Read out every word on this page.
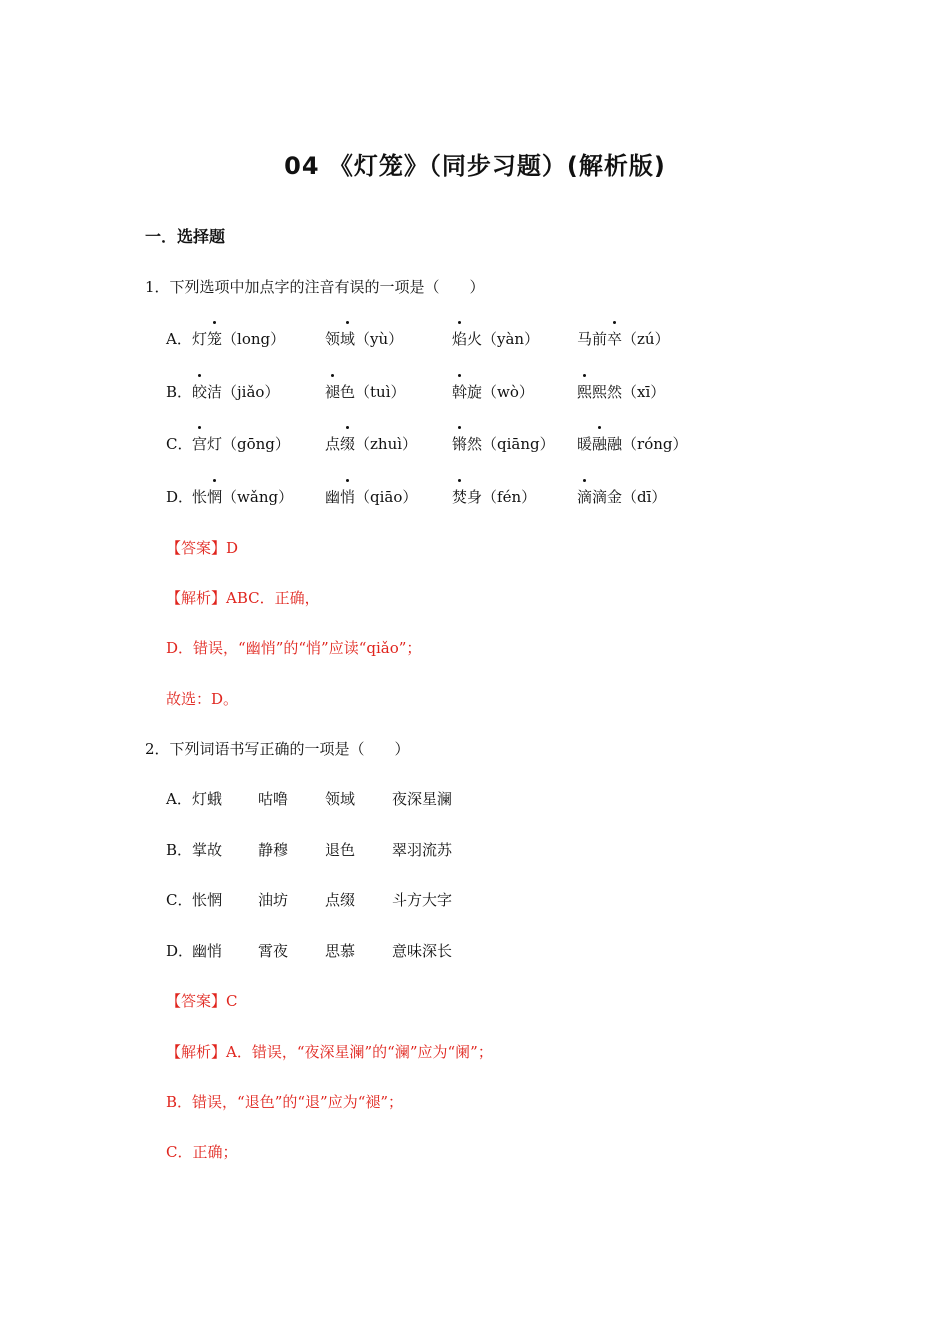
04 《灯笼》（同步习题）(解析版)
一．选择题
1．下列选项中加点字的注音有误的一项是（　　）
A． 灯笼（long）	领域（yù）	焰火（yàn）	马前卒（zú）
B． 皎洁（jiǎo）	褪色（tuì）	斡旋（wò）	熙熙然（xī）
C． 宫灯（gōng） 点缀（zhuì） 锵然（qiāng） 暖融融（róng）
D．
怅惘（wǎng） 幽悄（qiāo） 焚身（fén）	滴滴金（dī）
【答案】D
【解析】ABC．正确，
D．错误，“幽悄”的“悄”应读“qiǎo”；
故选：D。
2．下列词语书写正确的一项是（　　）
A． 灯蛾 咕噜 领域 夜深星澜
B． 掌故 静穆 退色 翠羽流苏
C． 怅惘 油坊 点缀 斗方大字
D．
幽悄 霄夜 思慕 意味深长
【答案】C
【解析】A．错误，“夜深星澜”的“澜”应为“阑”；
B．错误，“退色”的“退”应为“褪”；
C．正确；
